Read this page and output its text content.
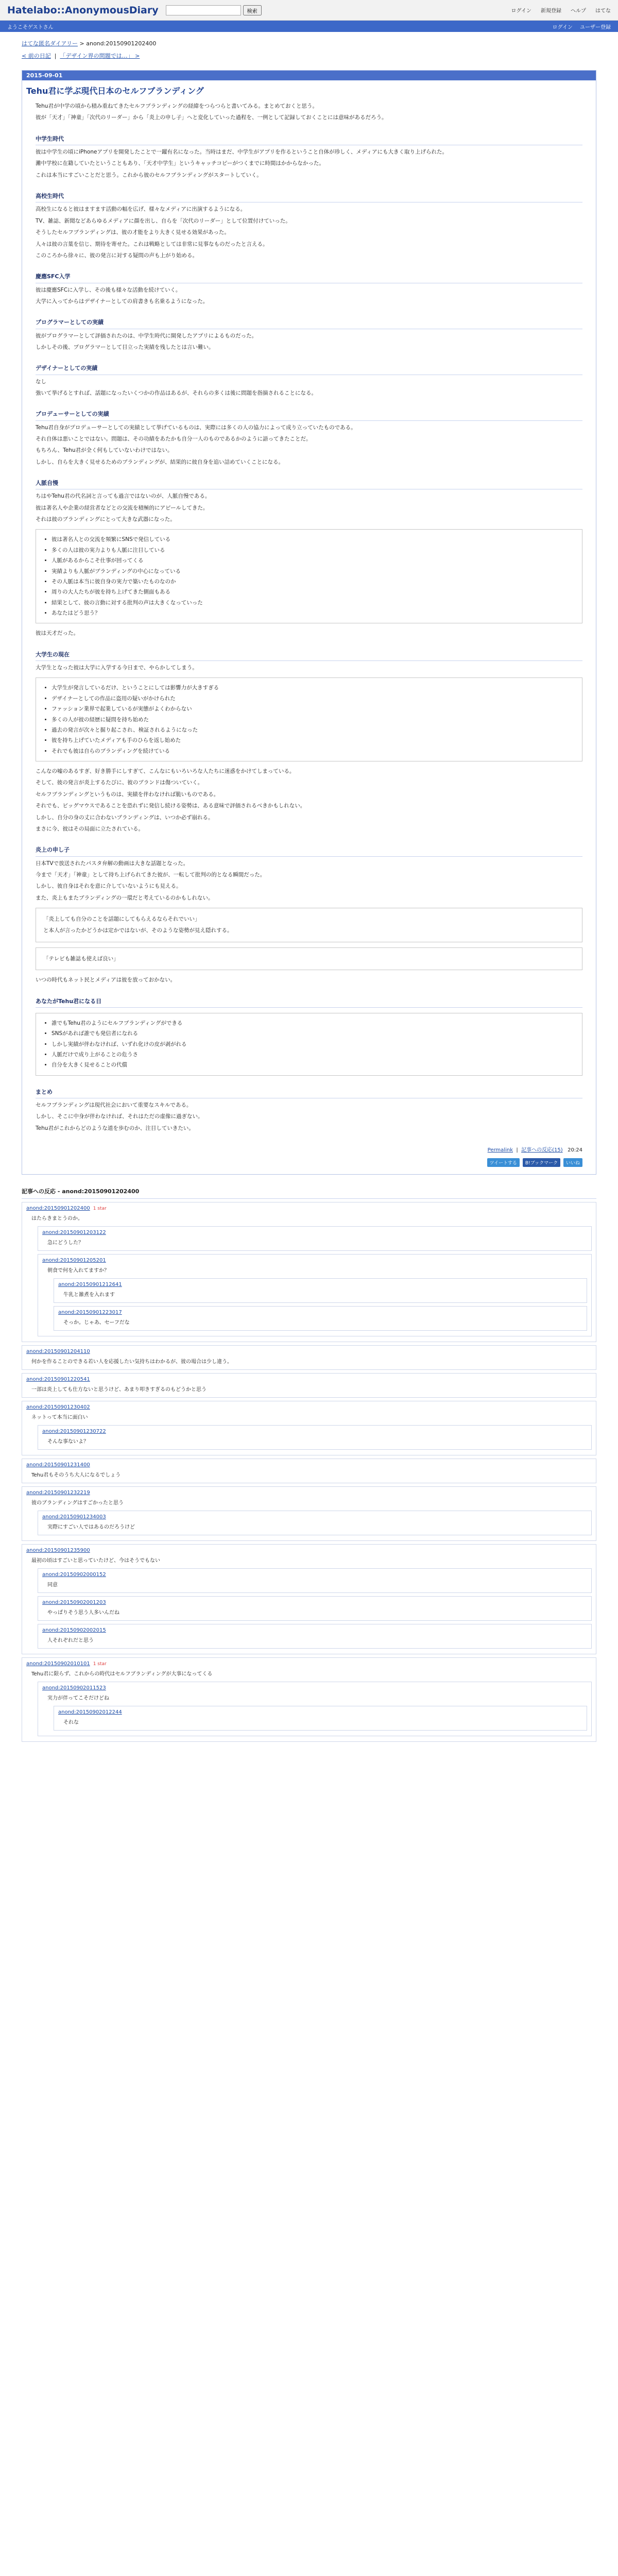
Hatelabo::AnonymousDiary	検索	ログイン 新規登録 ヘルプ はてな
ようこそゲストさん	ログイン ユーザー登録
はてな匿名ダイアリー > anond:20150901202400
< 前の日記  |  「デザイン界の問題では…」 >
2015-09-01
Tehu君に学ぶ現代日本のセルフブランディング

Tehu君が中学の頃から積み重ねてきたセルフブランディングの経緯をつらつらと書いてみる。まとめておくと思う。

彼が「天才」「神童」「次代のリーダー」から「炎上の申し子」へと変化していった過程を、一例として記録しておくことには意味があるだろう。

中学生時代

彼は中学生の頃にiPhoneアプリを開発したことで一躍有名になった。当時はまだ、中学生がアプリを作るということ自体が珍しく、メディアにも大きく取り上げられた。

灘中学校に在籍していたということもあり、「天才中学生」というキャッチコピーがつくまでに時間はかからなかった。

これは本当にすごいことだと思う。これから彼のセルフブランディングがスタートしていく。

高校生時代

高校生になると彼はますます活動の幅を広げ、様々なメディアに出演するようになる。

TV、雑誌、新聞などあらゆるメディアに顔を出し、自らを「次代のリーダー」として位置付けていった。

そうしたセルフブランディングは、彼の才能をより大きく見せる効果があった。

人々は彼の言葉を信じ、期待を寄せた。これは戦略としては非常に見事なものだったと言える。

このころから徐々に、彼の発言に対する疑問の声も上がり始める。

慶應SFC入学

彼は慶應SFCに入学し、その後も様々な活動を続けていく。

大学に入ってからはデザイナーとしての肩書きも名乗るようになった。

プログラマーとしての実績

彼がプログラマーとして評価されたのは、中学生時代に開発したアプリによるものだった。

しかしその後、プログラマーとして目立った実績を残したとは言い難い。

デザイナーとしての実績

なし

強いて挙げるとすれば、話題になったいくつかの作品はあるが、それらの多くは後に問題を指摘されることになる。

プロデューサーとしての実績

Tehu君自身がプロデューサーとしての実績として挙げているものは、実際には多くの人の協力によって成り立っていたものである。

それ自体は悪いことではない。問題は、その功績をあたかも自分一人のものであるかのように語ってきたことだ。

もちろん、Tehu君が全く何もしていないわけではない。

しかし、自らを大きく見せるためのブランディングが、結果的に彼自身を追い詰めていくことになる。

人脈自慢

ちはやTehu君の代名詞と言っても過言ではないのが、人脈自慢である。

彼は著名人や企業の経営者などとの交流を積極的にアピールしてきた。

それは彼のブランディングにとって大きな武器になった。

• 彼は著名人との交流を頻繁にSNSで発信している
• 多くの人は彼の実力よりも人脈に注目している
• 人脈があるからこそ仕事が回ってくる
• 実績よりも人脈がブランディングの中心になっている
• その人脈は本当に彼自身の実力で築いたものなのか
• 周りの大人たちが彼を持ち上げてきた側面もある
• 結果として、彼の言動に対する批判の声は大きくなっていった
• あなたはどう思う？

彼は天才だった。

大学生の現在

大学生となった彼は大学に入学する今日まで、やらかしてしまう。

• 大学生が発言しているだけ、ということにしては影響力が大きすぎる
• デザイナーとしての作品に盗用の疑いがかけられた
• ファッション業界で起業しているが実態がよくわからない
• 多くの人が彼の経歴に疑問を持ち始めた
• 過去の発言が次々と掘り起こされ、検証されるようになった
• 彼を持ち上げていたメディアも手のひらを返し始めた
• それでも彼は自らのブランディングを続けている

こんなの嘘のあるすぎ、好き勝手にしすぎて、こんなにもいろいろな人たちに迷惑をかけてしまっている。

そして、彼の発言が炎上するたびに、彼のブランドは傷ついていく。

セルフブランディングというものは、実績を伴わなければ脆いものである。

それでも、ビッグマウスであることを恐れずに発信し続ける姿勢は、ある意味で評価されるべきかもしれない。

しかし、自分の身の丈に合わないブランディングは、いつか必ず崩れる。

まさに今、彼はその局面に立たされている。

炎上の申し子

日本TVで放送されたパスタ弁解の動画は大きな話題となった。

今まで「天才」「神童」として持ち上げられてきた彼が、一転して批判の的となる瞬間だった。

しかし、彼自身はそれを意に介していないようにも見える。

また、炎上もまたブランディングの一環だと考えているのかもしれない。

「炎上しても自分のことを話題にしてもらえるならそれでいい」

と本人が言ったかどうかは定かではないが、そのような姿勢が見え隠れする。

「テレビも雑誌も使えば良い」

いつの時代もネット民とメディアは彼を放っておかない。

あなたがTehu君になる日
• 誰でもTehu君のようにセルフブランディングができる
• SNSがあれば誰でも発信者になれる
• しかし実績が伴わなければ、いずれ化けの皮が剥がれる
• 人脈だけで成り上がることの危うさ
• 自分を大きく見せることの代償
まとめ

セルフブランディングは現代社会において重要なスキルである。

しかし、そこに中身が伴わなければ、それはただの虚像に過ぎない。

Tehu君がこれからどのような道を歩むのか、注目していきたい。

Permalink  |  記事への反応(15) 20:24
ツイートする	B!ブックマーク	いいね
記事への反応 - anond:20150901202400
anond:20150901202400 1 star
はたらきまとうのか。
anond:20150901203122
急にどうした？
anond:20150901205201
朝食で何を入れてますか？
anond:20150901212641
牛乳と雑煮を入れます
anond:20150901223017
そっか。じゃあ、セーフだな
anond:20150901204110
何かを作ることのできる若い人を応援したい気持ちはわかるが、彼の場合は少し違う。
anond:20150901220541
一部は炎上しても仕方ないと思うけど、あまり叩きすぎるのもどうかと思う
anond:20150901230402
ネットって本当に面白い
anond:20150901230722
そんな事ないよ？
anond:20150901231400
Tehu君もそのうち大人になるでしょう
anond:20150901232219
彼のブランディングはすごかったと思う
anond:20150901234003
実際にすごい人ではあるのだろうけど
anond:20150901235900
最初の頃はすごいと思っていたけど、今はそうでもない
anond:20150902000152
同意
anond:20150902001203
やっぱりそう思う人多いんだね
anond:20150902002015
人それぞれだと思う
anond:20150902010101 1 star
Tehu君に限らず、これからの時代はセルフブランディングが大事になってくる
anond:20150902011523
実力が伴ってこそだけどね
anond:20150902012244
それな
